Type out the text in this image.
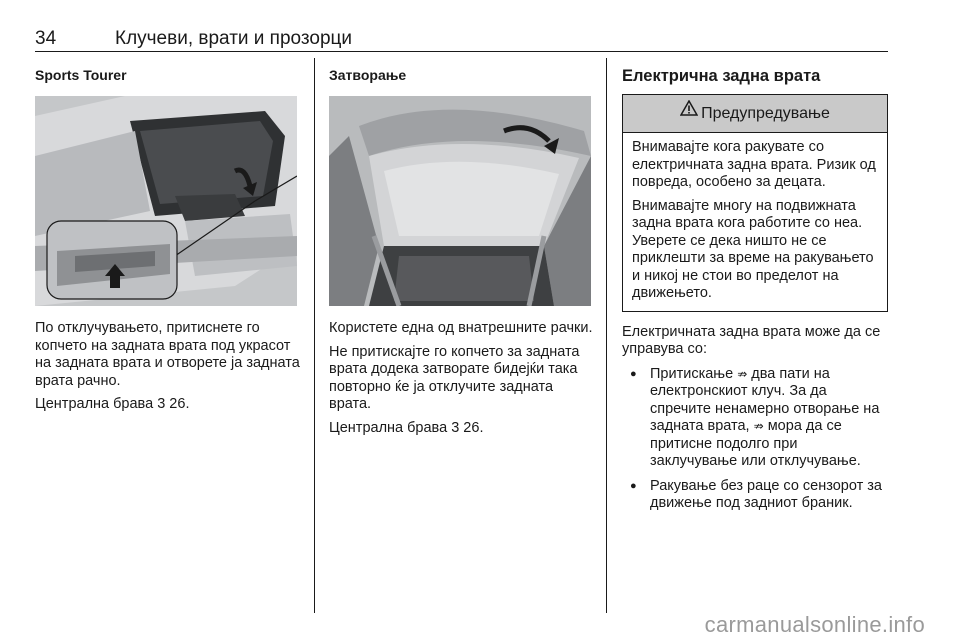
34	Клучеви, врати и прозорци
Sports Tourer

По отклучувањето, притиснете го копчето на задната врата под украсот на задната врата и отворете ја задната врата рачно.

Централна брава 3 26.

Затворање

Користете една од внатрешните рачки.

Не притискајте го копчето за задната врата додека затворате бидејќи така повторно ќе ја отклучите задната врата.

Централна брава 3 26.

Електрична задна врата
Предупредување

Внимавајте кога ракувате со електричната задна врата. Ризик од повреда, особено за децата.

Внимавајте многу на подвижната задна врата кога работите со неа. Уверете се дека ништо не се приклешти за време на ракувањето и никој не стои во пределот на движењето.

Електричната задна врата може да се управува со:

● Притискање ⇏ два пати на електронскиот клуч. За да спречите ненамерно отворање на задната врата, ⇏ мора да се притисне подолго при заклучување или отклучување.
● Ракување без раце со сензорот за движење под задниот браник.
carmanualsonline.info
